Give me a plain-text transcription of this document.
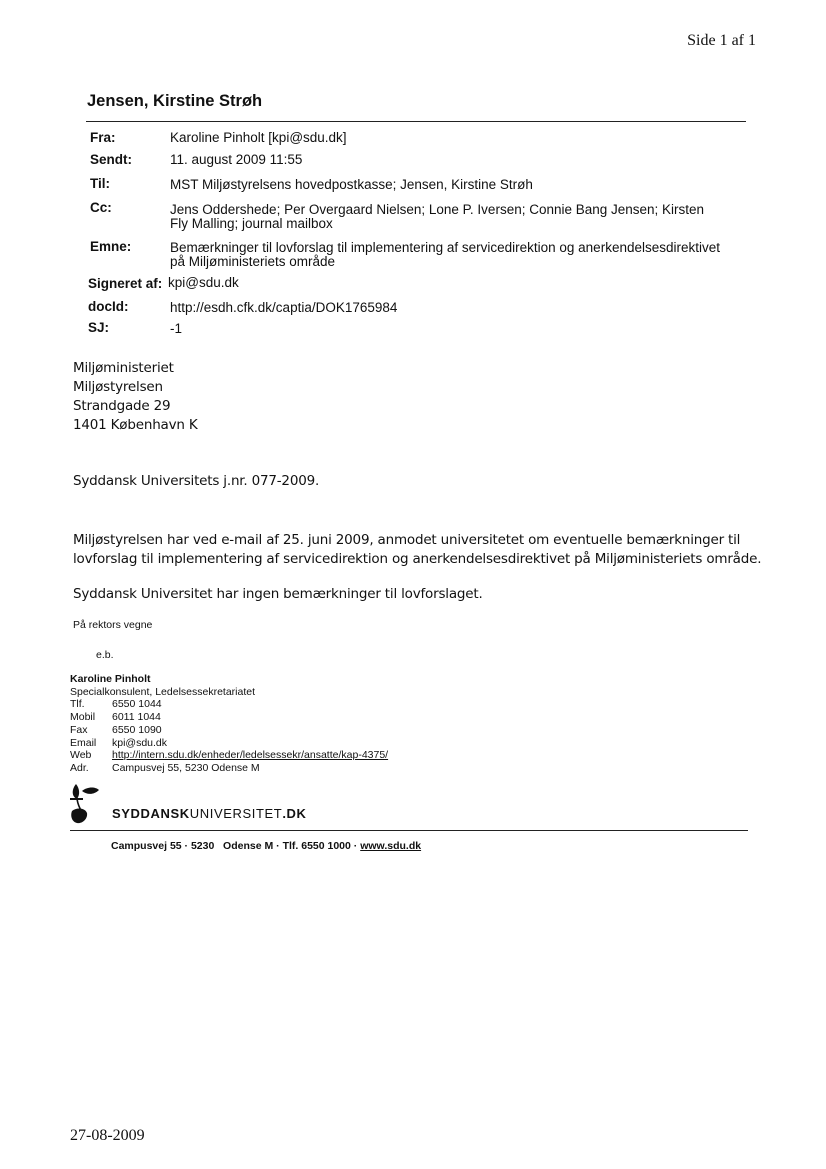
Side 1 af 1
Jensen, Kirstine Strøh
Fra:	Karoline Pinholt [kpi@sdu.dk]
Sendt:	11. august 2009 11:55
Til:	MST Miljøstyrelsens hovedpostkasse; Jensen, Kirstine Strøh
Cc:	Jens Oddershede; Per Overgaard Nielsen; Lone P. Iversen; Connie Bang Jensen; Kirsten
Fly Malling; journal mailbox
Emne:	Bemærkninger til lovforslag til implementering af servicedirektion og anerkendelsesdirektivet
på Miljøministeriets område
Signeret af: kpi@sdu.dk
docId:	http://esdh.cfk.dk/captia/DOK1765984
SJ:	-1
Miljøministeriet
Miljøstyrelsen
Strandgade 29
1401 København K
Syddansk Universitets j.nr. 077-2009.
Miljøstyrelsen har ved e-mail af 25. juni 2009, anmodet universitetet om eventuelle bemærkninger til
lovforslag til implementering af servicedirektion og anerkendelsesdirektivet på Miljøministeriets område.
Syddansk Universitet har ingen bemærkninger til lovforslaget.
På rektors vegne
e.b.
Karoline Pinholt
Specialkonsulent, Ledelsessekretariatet
Tlf.	6550 1044
Mobil 6011 1044
Fax 6550 1090
Email kpi@sdu.dk
Web http://intern.sdu.dk/enheder/ledelsessekr/ansatte/kap-4375/
Adr. Campusvej 55, 5230 Odense M
SYDDANSKUNIVERSITET.DK
Campusvej 55 · 5230   Odense M · Tlf. 6550 1000 · www.sdu.dk
27-08-2009
